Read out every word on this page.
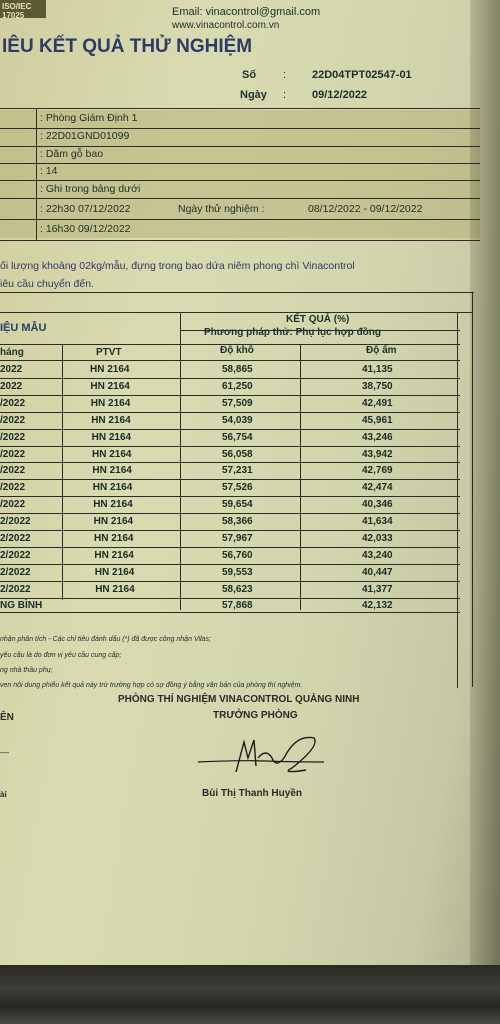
ISO/IEC 17025	Email: vinacontrol@gmail.com
www.vinacontrol.com.vn
IÊU KẾT QUẢ THỬ NGHIỆM
Số : 22D04TPT02547-01
Ngày : 09/12/2022
: Phòng Giám Định 1
: 22D01GND01099
: Dăm gỗ bao
: 14
: Ghi trong bảng dưới
: 22h30 07/12/2022	Ngày thử nghiệm :	08/12/2022 - 09/12/2022
: 16h30 09/12/2022
ối lượng khoảng 02kg/mẫu, đựng trong bao dứa niêm phong chì Vinacontrol
iêu cầu chuyển đến.
IỆU MẪU
KẾT QUẢ (%)
Phương pháp thử: Phụ lục hợp đồng
háng	PTVT	Độ khô	Độ ẩm
2022	HN 2164	58,865	41,135
2022	HN 2164	61,250	38,750
/2022	HN 2164	57,509	42,491
/2022	HN 2164	54,039	45,961
/2022	HN 2164	56,754	43,246
/2022	HN 2164	56,058	43,942
/2022	HN 2164	57,231	42,769
/2022	HN 2164	57,526	42,474
/2022	HN 2164	59,654	40,346
2/2022	HN 2164	58,366	41,634
2/2022	HN 2164	57,967	42,033
2/2022	HN 2164	56,760	43,240
2/2022	HN 2164	59,553	40,447
2/2022	HN 2164	58,623	41,377
NG BÌNH	57,868	42,132
nhận phân tích - Các chỉ tiêu đánh dấu (*) đã được công nhận Vilas;
yêu cầu là do đơn vị yêu cầu cung cấp;
ng nhà thầu phụ;
ven nội dung phiếu kết quả này trừ trường hợp có sự đồng ý bằng văn bản của phòng thí nghiệm.
PHÒNG THÍ NGHIỆM VINACONTROL QUẢNG NINH
TRƯỞNG PHÒNG
ÊN
ài
—
Bùi Thị Thanh Huyền
